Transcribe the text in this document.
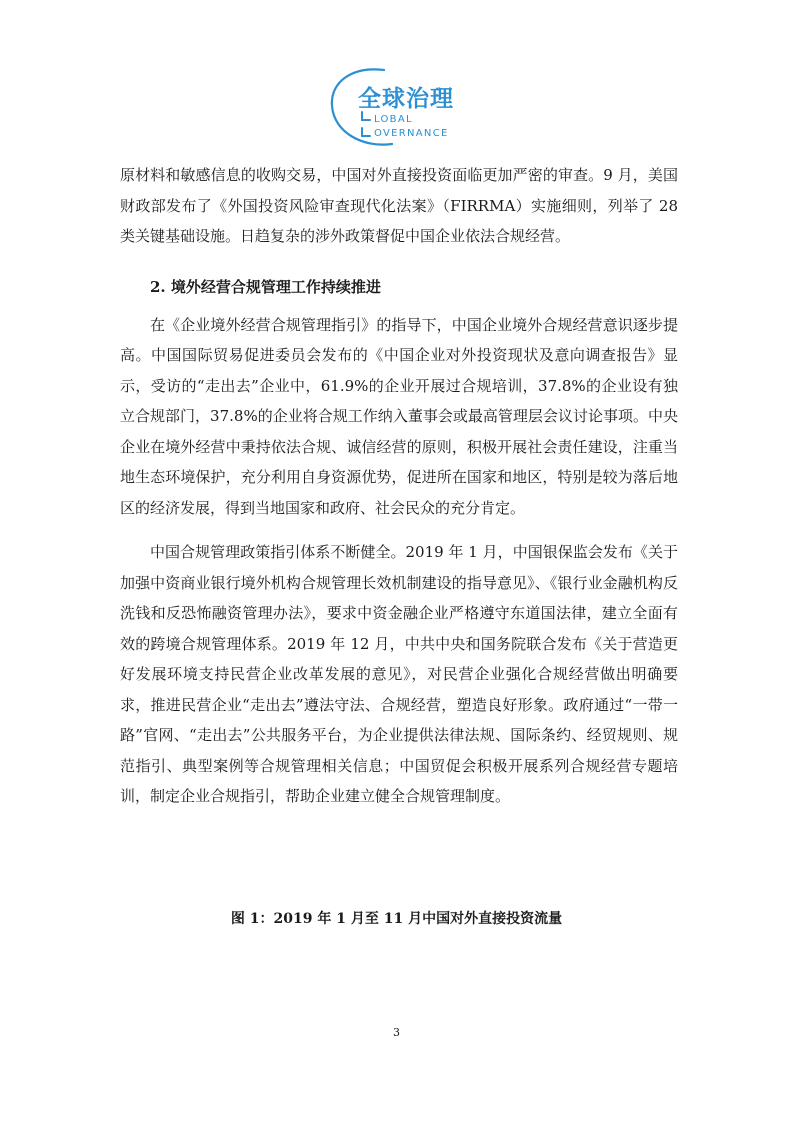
全球治理
LOBAL
OVERNANCE

原材料和敏感信息的收购交易，中国对外直接投资面临更加严密的审查。9 月，美国财政部发布了《外国投资风险审查现代化法案》（FIRRMA）实施细则，列举了 28 类关键基础设施。日趋复杂的涉外政策督促中国企业依法合规经营。

2. 境外经营合规管理工作持续推进

在《企业境外经营合规管理指引》的指导下，中国企业境外合规经营意识逐步提高。中国国际贸易促进委员会发布的《中国企业对外投资现状及意向调查报告》显示，受访的“走出去”企业中，61.9%的企业开展过合规培训，37.8%的企业设有独立合规部门，37.8%的企业将合规工作纳入董事会或最高管理层会议讨论事项。中央企业在境外经营中秉持依法合规、诚信经营的原则，积极开展社会责任建设，注重当地生态环境保护，充分利用自身资源优势，促进所在国家和地区，特别是较为落后地区的经济发展，得到当地国家和政府、社会民众的充分肯定。

中国合规管理政策指引体系不断健全。2019 年 1 月，中国银保监会发布《关于加强中资商业银行境外机构合规管理长效机制建设的指导意见》、《银行业金融机构反洗钱和反恐怖融资管理办法》，要求中资金融企业严格遵守东道国法律，建立全面有效的跨境合规管理体系。2019 年 12 月，中共中央和国务院联合发布《关于营造更好发展环境支持民营企业改革发展的意见》，对民营企业强化合规经营做出明确要求，推进民营企业“走出去”遵法守法、合规经营，塑造良好形象。政府通过“一带一路”官网、“走出去”公共服务平台，为企业提供法律法规、国际条约、经贸规则、规范指引、典型案例等合规管理相关信息；中国贸促会积极开展系列合规经营专题培训，制定企业合规指引，帮助企业建立健全合规管理制度。

图 1：2019 年 1 月至 11 月中国对外直接投资流量
3
